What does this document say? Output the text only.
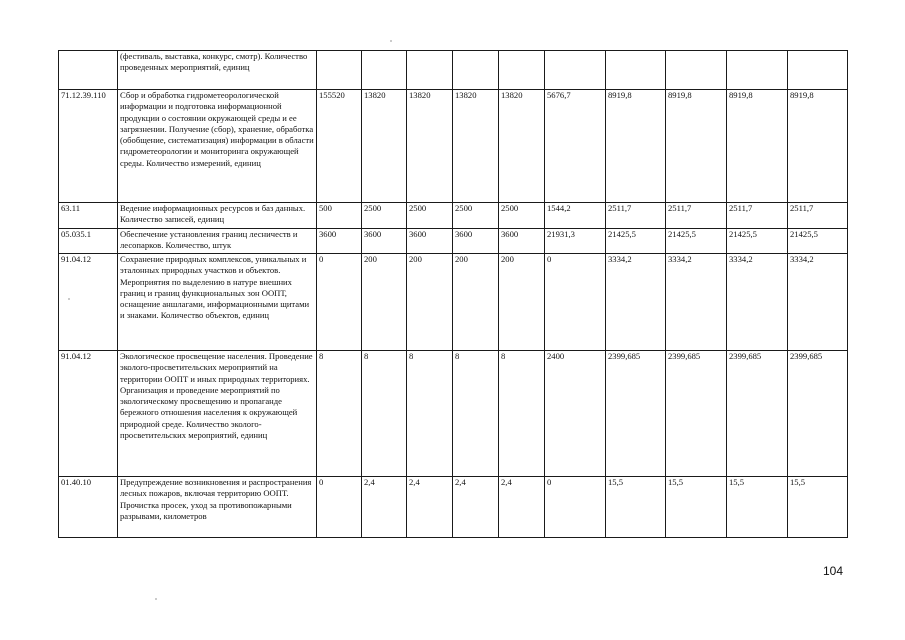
	(фестиваль, выставка, конкурс, смотр). Количество проведенных мероприятий, единиц										
71.12.39.110	Сбор и обработка гидрометеорологической информации и подготовка информационной продукции о состоянии окружающей среды и ее загрязнении. Получение (сбор), хранение, обработка (обобщение, систематизация) информации в области гидрометеорологии и мониторинга окружающей среды. Количество измерений, единиц	155520	13820	13820	13820	13820	5676,7	8919,8	8919,8	8919,8	8919,8
63.11	Ведение информационных ресурсов и баз данных. Количество записей, единиц	500	2500	2500	2500	2500	1544,2	2511,7	2511,7	2511,7	2511,7
05.035.1	Обеспечение установления границ лесничеств и лесопарков. Количество, штук	3600	3600	3600	3600	3600	21931,3	21425,5	21425,5	21425,5	21425,5
91.04.12	Сохранение природных комплексов, уникальных и эталонных природных участков и объектов. Мероприятия по выделению в натуре внешних границ и границ функциональных зон ООПТ, оснащение аншлагами, информационными щитами и знаками. Количество объектов, единиц	0	200	200	200	200	0	3334,2	3334,2	3334,2	3334,2
91.04.12	Экологическое просвещение населения. Проведение эколого-просветительских мероприятий на территории ООПТ и иных природных территориях. Организация и проведение мероприятий по экологическому просвещению и пропаганде бережного отношения населения к окружающей природной среде. Количество эколого-просветительских мероприятий, единиц	8	8	8	8	8	2400	2399,685	2399,685	2399,685	2399,685
01.40.10	Предупреждение возникновения и распространения лесных пожаров, включая территорию ООПТ. Прочистка просек, уход за противопожарными разрывами, километров	0	2,4	2,4	2,4	2,4	0	15,5	15,5	15,5	15,5
104
